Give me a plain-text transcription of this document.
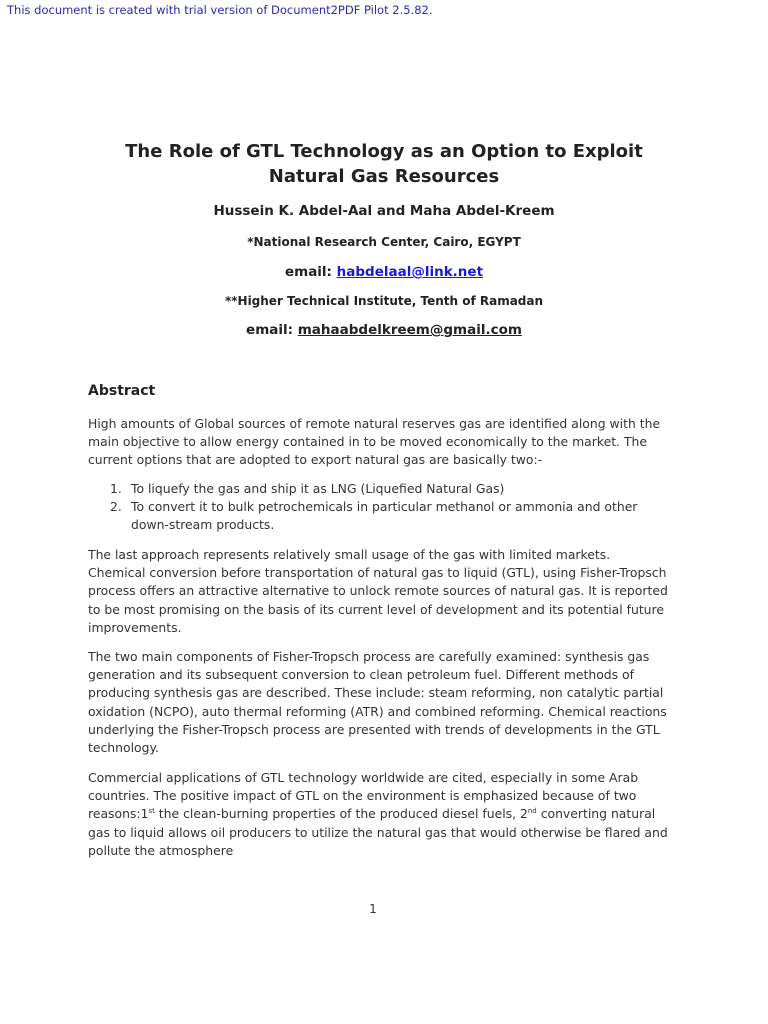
This document is created with trial version of Document2PDF Pilot 2.5.82.
The Role of GTL Technology as an Option to Exploit
Natural Gas Resources
Hussein K. Abdel-Aal and Maha Abdel-Kreem
*National Research Center, Cairo, EGYPT
email: habdelaal@link.net
**Higher Technical Institute, Tenth of Ramadan
email: mahaabdelkreem@gmail.com
Abstract
High amounts of Global sources of remote natural reserves gas are identified along with the main objective to allow energy contained in to be moved economically to the market. The current options that are adopted to export natural gas are basically two:-
1. To liquefy the gas and ship it as LNG (Liquefied Natural Gas)
2. To convert it to bulk petrochemicals in particular methanol or ammonia and other down-stream products.
The last approach represents relatively small usage of the gas with limited markets. Chemical conversion before transportation of natural gas to liquid (GTL), using Fisher-Tropsch process offers an attractive alternative to unlock remote sources of natural gas. It is reported to be most promising on the basis of its current level of development and its potential future improvements.
The two main components of Fisher-Tropsch process are carefully examined: synthesis gas generation and its subsequent conversion to clean petroleum fuel. Different methods of producing synthesis gas are described. These include: steam reforming, non catalytic partial oxidation (NCPO), auto thermal reforming (ATR) and combined reforming. Chemical reactions underlying the Fisher-Tropsch process are presented with trends of developments in the GTL technology.
Commercial applications of GTL technology worldwide are cited, especially in some Arab countries. The positive impact of GTL on the environment is emphasized because of two reasons:1st the clean-burning properties of the produced diesel fuels, 2nd converting natural gas to liquid allows oil producers to utilize the natural gas that would otherwise be flared and pollute the atmosphere
1
